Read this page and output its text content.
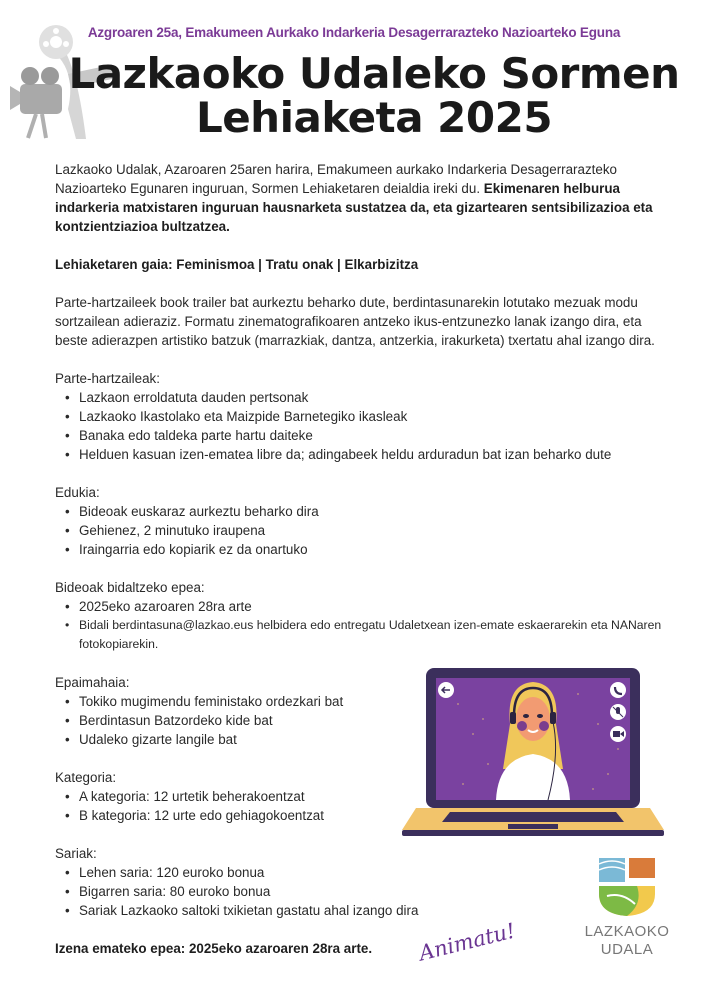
Azgroaren 25a, Emakumeen Aurkako Indarkeria Desagerrarazteko Nazioarteko Eguna
Lazkaoko Udaleko Sormen
Lehiaketa 2025

Lazkaoko Udalak, Azaroaren 25aren harira, Emakumeen aurkako Indarkeria Desagerrarazteko Nazioarteko Egunaren inguruan, Sormen Lehiaketaren deialdia ireki du. Ekimenaren helburua indarkeria matxistaren inguruan hausnarketa sustatzea da, eta gizartearen sentsibilizazioa eta kontzientziazioa bultzatzea.

Lehiaketaren gaia: Feminismoa | Tratu onak | Elkarbizitza

Parte-hartzaileek book trailer bat aurkeztu beharko dute, berdintasunarekin lotutako mezuak modu sortzailean adieraziz. Formatu zinematografikoaren antzeko ikus-entzunezko lanak izango dira, eta beste adierazpen artistiko batzuk (marrazkiak, dantza, antzerkia, irakurketa) txertatu ahal izango dira.

Parte-hartzaileak:

• Lazkaon erroldatuta dauden pertsonak
• Lazkaoko Ikastolako eta Maizpide Barnetegiko ikasleak
• Banaka edo taldeka parte hartu daiteke
• Helduen kasuan izen-ematea libre da; adingabeek heldu arduradun bat izan beharko dute

Edukia:

• Bideoak euskaraz aurkeztu beharko dira
• Gehienez, 2 minutuko iraupena
• Iraingarria edo kopiarik ez da onartuko

Bideoak bidaltzeko epea:

• 2025eko azaroaren 28ra arte
• Bidali berdintasuna@lazkao.eus helbidera edo entregatu Udaletxean izen-emate eskaerarekin eta NANaren fotokopiarekin.

Epaimahaia:

• Tokiko mugimendu feministako ordezkari bat
• Berdintasun Batzordeko kide bat
• Udaleko gizarte langile bat

Kategoria:

• A kategoria: 12 urtetik beherakoentzat
• B kategoria: 12 urte edo gehiagokoentzat

Sariak:

• Lehen saria: 120 euroko bonua
• Bigarren saria: 80 euroko bonua
• Sariak Lazkaoko saltoki txikietan gastatu ahal izango dira

Izena emateko epea: 2025eko azaroaren 28ra arte.	Animatu!	LAZKAOKO
UDALA
